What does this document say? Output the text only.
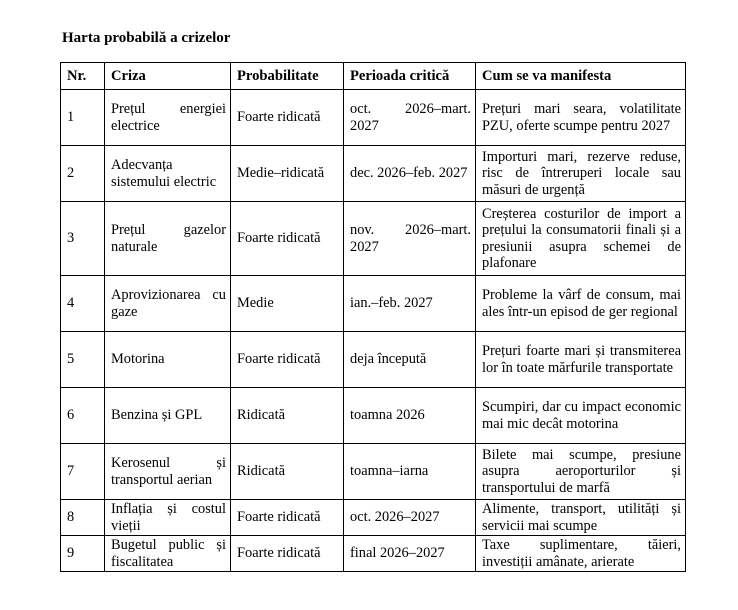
Harta probabilă a crizelor
Nr.	Criza	Probabilitate	Perioada critică	Cum se va manifesta
1	Prețul energiei electrice	Foarte ridicată	oct. 2026–mart. 2027	Prețuri mari seara, volatilitate PZU, oferte scumpe pentru 2027
2	Adecvanța sistemului electric	Medie–ridicată	dec. 2026–feb. 2027	Importuri mari, rezerve reduse, risc de întreruperi locale sau măsuri de urgență
3	Prețul gazelor naturale	Foarte ridicată	nov. 2026–mart. 2027	Creșterea costurilor de import a prețului la consumatorii finali și a presiunii asupra schemei de plafonare
4	Aprovizionarea cu gaze	Medie	ian.–feb. 2027	Probleme la vârf de consum, mai ales într-un episod de ger regional
5	Motorina	Foarte ridicată	deja începută	Prețuri foarte mari și transmiterea lor în toate mărfurile transportate
6	Benzina și GPL	Ridicată	toamna 2026	Scumpiri, dar cu impact economic mai mic decât motorina
7	Kerosenul și transportul aerian	Ridicată	toamna–iarna	Bilete mai scumpe, presiune asupra aeroporturilor și transportului de marfă
8	Inflația și costul vieții	Foarte ridicată	oct. 2026–2027	Alimente, transport, utilități și servicii mai scumpe
9	Bugetul public și fiscalitatea	Foarte ridicată	final 2026–2027	Taxe suplimentare, tăieri, investiții amânate, arierate
